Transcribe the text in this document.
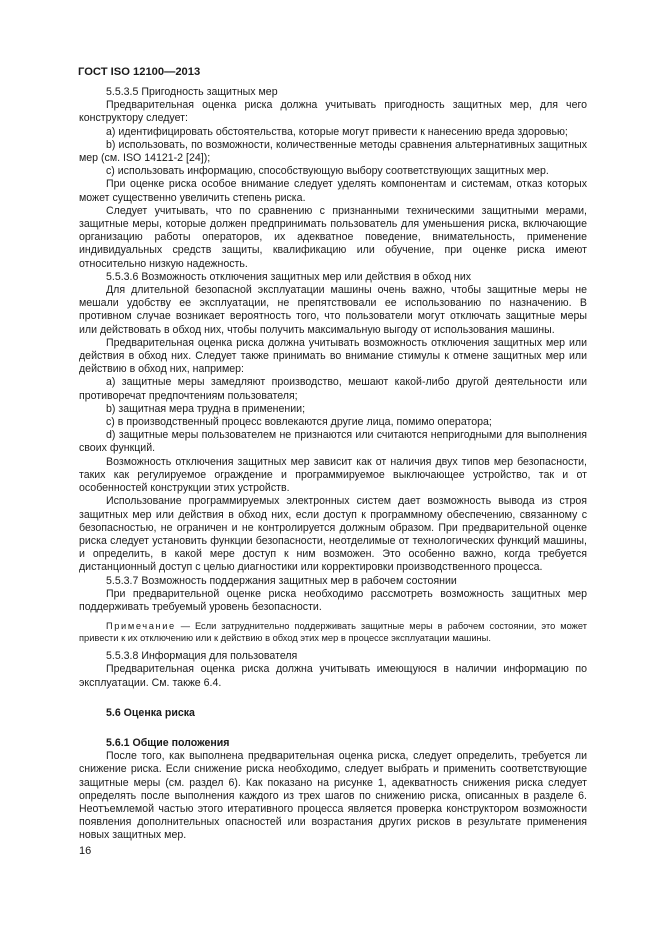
ГОСТ ISO 12100—2013

5.5.3.5 Пригодность защитных мер

Предварительная оценка риска должна учитывать пригодность защитных мер, для чего конструктору следует:

а) идентифицировать обстоятельства, которые могут привести к нанесению вреда здоровью;

b) использовать, по возможности, количественные методы сравнения альтернативных защитных мер (см. ISO 14121-2 [24]);

c) использовать информацию, способствующую выбору соответствующих защитных мер.

При оценке риска особое внимание следует уделять компонентам и системам, отказ которых может существенно увеличить степень риска.

Следует учитывать, что по сравнению с признанными техническими защитными мерами, защитные меры, которые должен предпринимать пользователь для уменьшения риска, включающие организацию работы операторов, их адекватное поведение, внимательность, применение индивидуальных средств защиты, квалификацию или обучение, при оценке риска имеют относительно низкую надежность.

5.5.3.6 Возможность отключения защитных мер или действия в обход них

Для длительной безопасной эксплуатации машины очень важно, чтобы защитные меры не мешали удобству ее эксплуатации, не препятствовали ее использованию по назначению. В противном случае возникает вероятность того, что пользователи могут отключать защитные меры или действовать в обход них, чтобы получить максимальную выгоду от использования машины.

Предварительная оценка риска должна учитывать возможность отключения защитных мер или действия в обход них. Следует также принимать во внимание стимулы к отмене защитных мер или действию в обход них, например:

а) защитные меры замедляют производство, мешают какой-либо другой деятельности или противоречат предпочтениям пользователя;

b) защитная мера трудна в применении;

c) в производственный процесс вовлекаются другие лица, помимо оператора;

d) защитные меры пользователем не признаются или считаются непригодными для выполнения своих функций.

Возможность отключения защитных мер зависит как от наличия двух типов мер безопасности, таких как регулируемое ограждение и программируемое выключающее устройство, так и от особенностей конструкции этих устройств.

Использование программируемых электронных систем дает возможность вывода из строя защитных мер или действия в обход них, если доступ к программному обеспечению, связанному с безопасностью, не ограничен и не контролируется должным образом. При предварительной оценке риска следует установить функции безопасности, неотделимые от технологических функций машины, и определить, в какой мере доступ к ним возможен. Это особенно важно, когда требуется дистанционный доступ с целью диагностики или корректировки производственного процесса.

5.5.3.7 Возможность поддержания защитных мер в рабочем состоянии

При предварительной оценке риска необходимо рассмотреть возможность защитных мер поддерживать требуемый уровень безопасности.

Примечание — Если затруднительно поддерживать защитные меры в рабочем состоянии, это может привести к их отключению или к действию в обход этих мер в процессе эксплуатации машины.

5.5.3.8 Информация для пользователя

Предварительная оценка риска должна учитывать имеющуюся в наличии информацию по эксплуатации. См. также 6.4.

5.6 Оценка риска

5.6.1 Общие положения

После того, как выполнена предварительная оценка риска, следует определить, требуется ли снижение риска. Если снижение риска необходимо, следует выбрать и применить соответствующие защитные меры (см. раздел 6). Как показано на рисунке 1, адекватность снижения риска следует определять после выполнения каждого из трех шагов по снижению риска, описанных в разделе 6. Неотъемлемой частью этого итеративного процесса является проверка конструктором возможности появления дополнительных опасностей или возрастания других рисков в результате применения новых защитных мер.

16
